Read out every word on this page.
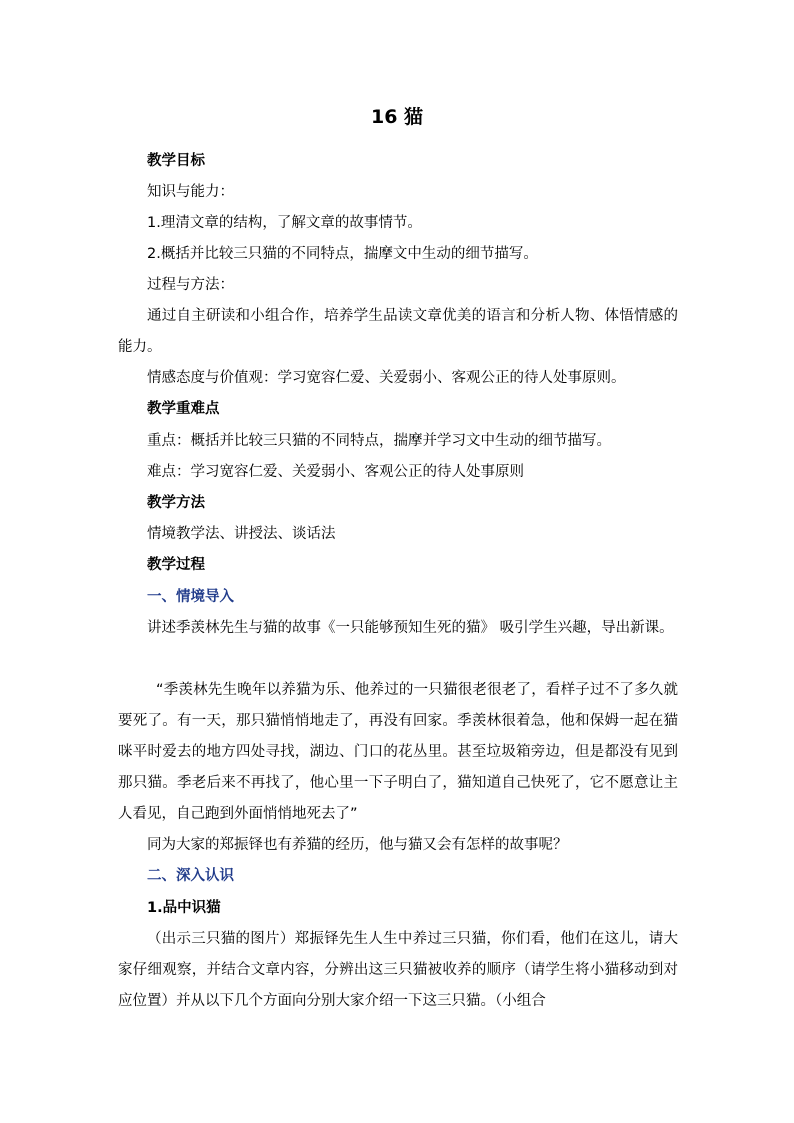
16 猫
教学目标
知识与能力：
1.理清文章的结构，了解文章的故事情节。
2.概括并比较三只猫的不同特点，揣摩文中生动的细节描写。
过程与方法：
通过自主研读和小组合作，培养学生品读文章优美的语言和分析人物、体悟情感的能力。
情感态度与价值观：学习宽容仁爱、关爱弱小、客观公正的待人处事原则。
教学重难点
重点：概括并比较三只猫的不同特点，揣摩并学习文中生动的细节描写。
难点：学习宽容仁爱、关爱弱小、客观公正的待人处事原则
教学方法
情境教学法、讲授法、谈话法
教学过程
一、情境导入
讲述季羡林先生与猫的故事《一只能够预知生死的猫》 吸引学生兴趣，导出新课。
“季羡林先生晚年以养猫为乐、他养过的一只猫很老很老了，看样子过不了多久就要死了。有一天，那只猫悄悄地走了，再没有回家。季羡林很着急，他和保姆一起在猫咪平时爱去的地方四处寻找，湖边、门口的花丛里。甚至垃圾箱旁边，但是都没有见到那只猫。季老后来不再找了，他心里一下子明白了，猫知道自己快死了，它不愿意让主人看见，自己跑到外面悄悄地死去了”
同为大家的郑振铎也有养猫的经历，他与猫又会有怎样的故事呢？
二、深入认识
1.品中识猫
（出示三只猫的图片）郑振铎先生人生中养过三只猫，你们看，他们在这儿，请大家仔细观察，并结合文章内容，分辨出这三只猫被收养的顺序（请学生将小猫移动到对应位置）并从以下几个方面向分别大家介绍一下这三只猫。（小组合
